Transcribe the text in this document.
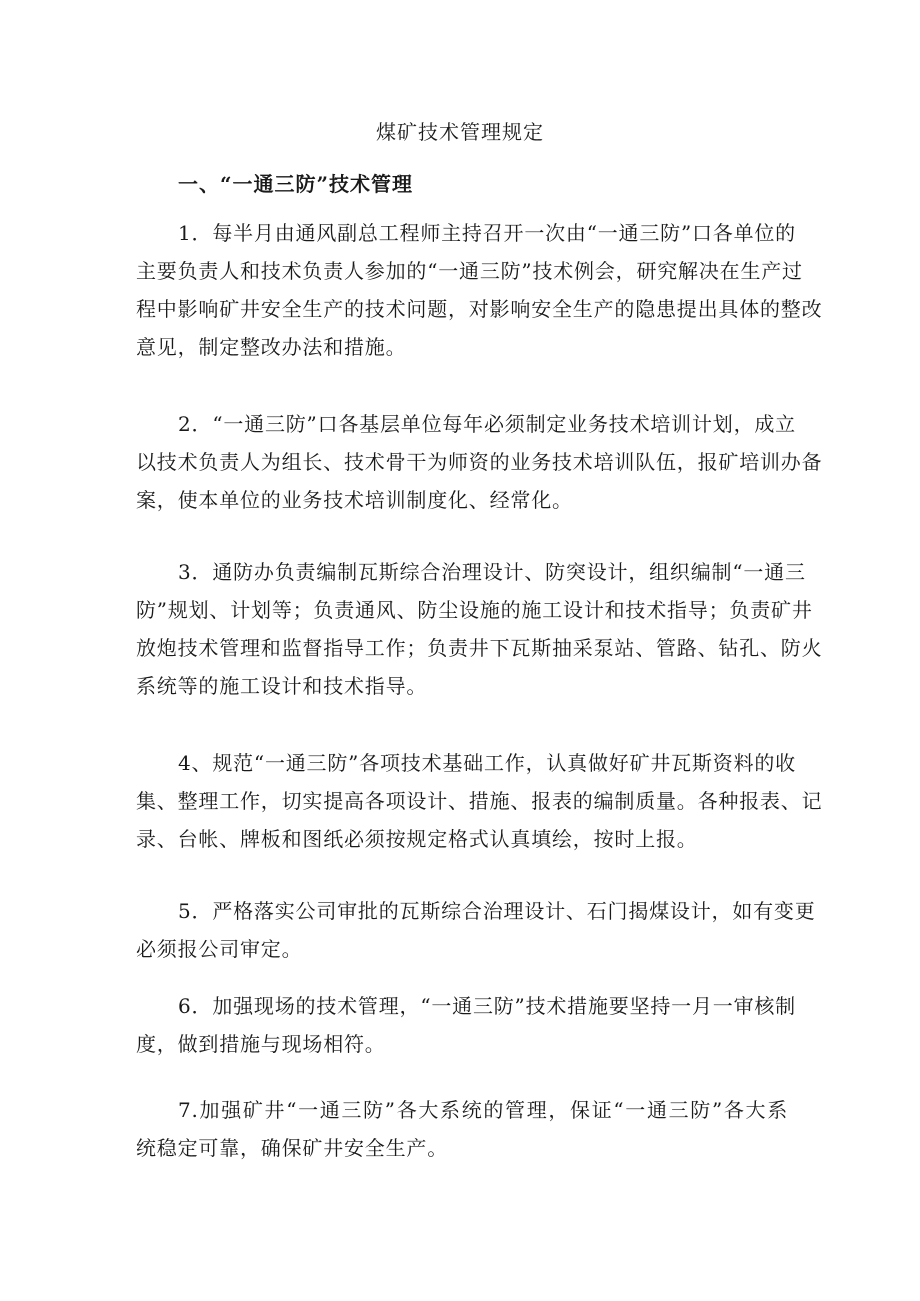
煤矿技术管理规定
一、“一通三防”技术管理

1．每半月由通风副总工程师主持召开一次由“一通三防”口各单位的
主要负责人和技术负责人参加的“一通三防”技术例会，研究解决在生产过
程中影响矿井安全生产的技术问题，对影响安全生产的隐患提出具体的整改
意见，制定整改办法和措施。

2．“一通三防”口各基层单位每年必须制定业务技术培训计划，成立
以技术负责人为组长、技术骨干为师资的业务技术培训队伍，报矿培训办备
案，使本单位的业务技术培训制度化、经常化。

3．通防办负责编制瓦斯综合治理设计、防突设计，组织编制“一通三
防”规划、计划等；负责通风、防尘设施的施工设计和技术指导；负责矿井
放炮技术管理和监督指导工作；负责井下瓦斯抽采泵站、管路、钻孔、防火
系统等的施工设计和技术指导。

4、规范“一通三防”各项技术基础工作，认真做好矿井瓦斯资料的收
集、整理工作，切实提高各项设计、措施、报表的编制质量。各种报表、记
录、台帐、牌板和图纸必须按规定格式认真填绘，按时上报。

5．严格落实公司审批的瓦斯综合治理设计、石门揭煤设计，如有变更
必须报公司审定。

6．加强现场的技术管理，“一通三防”技术措施要坚持一月一审核制
度，做到措施与现场相符。

7.加强矿井“一通三防”各大系统的管理，保证“一通三防”各大系
统稳定可靠，确保矿井安全生产。
